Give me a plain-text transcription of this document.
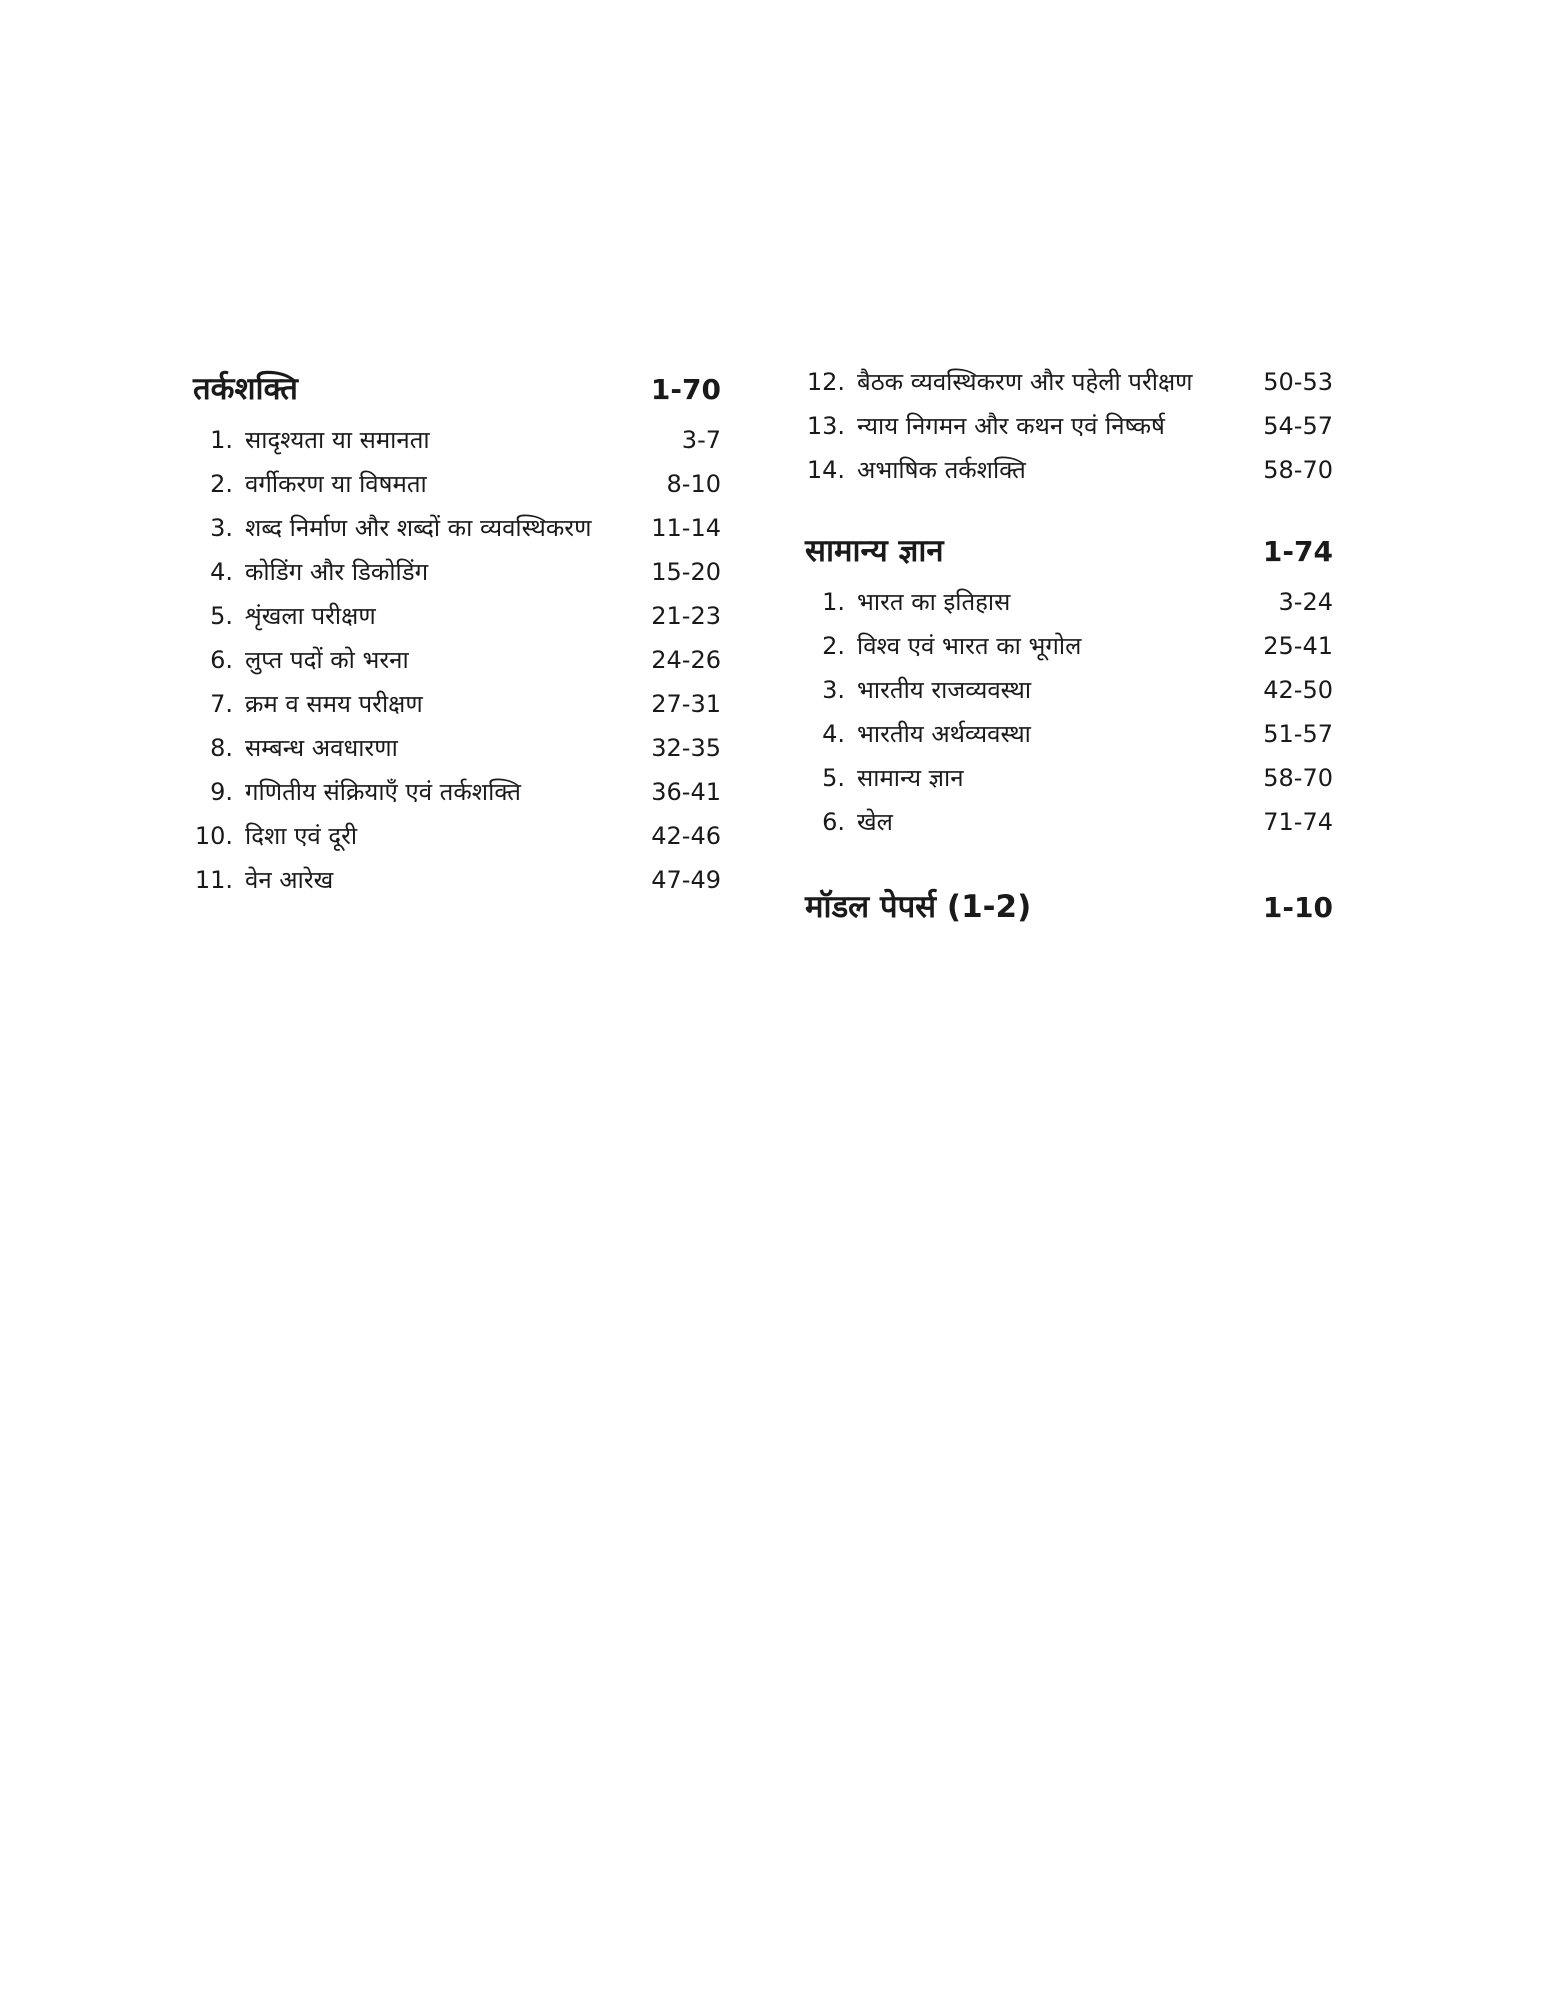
तर्कशक्ति	1-70
1. सादृश्यता या समानता	3-7
2. वर्गीकरण या विषमता	8-10
3. शब्द निर्माण और शब्दों का व्यवस्थिकरण	11-14
4. कोडिंग और डिकोडिंग	15-20
5. शृंखला परीक्षण	21-23
6. लुप्त पदों को भरना	24-26
7. क्रम व समय परीक्षण	27-31
8. सम्बन्ध अवधारणा	32-35
9. गणितीय संक्रियाएँ एवं तर्कशक्ति	36-41
10. दिशा एवं दूरी	42-46
11. वेन आरेख	47-49
12. बैठक व्यवस्थिकरण और पहेली परीक्षण	50-53
13. न्याय निगमन और कथन एवं निष्कर्ष	54-57
14. अभाषिक तर्कशक्ति	58-70
सामान्य ज्ञान	1-74
1. भारत का इतिहास	3-24
2. विश्व एवं भारत का भूगोल	25-41
3. भारतीय राजव्यवस्था	42-50
4. भारतीय अर्थव्यवस्था	51-57
5. सामान्य ज्ञान	58-70
6. खेल	71-74
मॉडल पेपर्स (1-2)	1-10
